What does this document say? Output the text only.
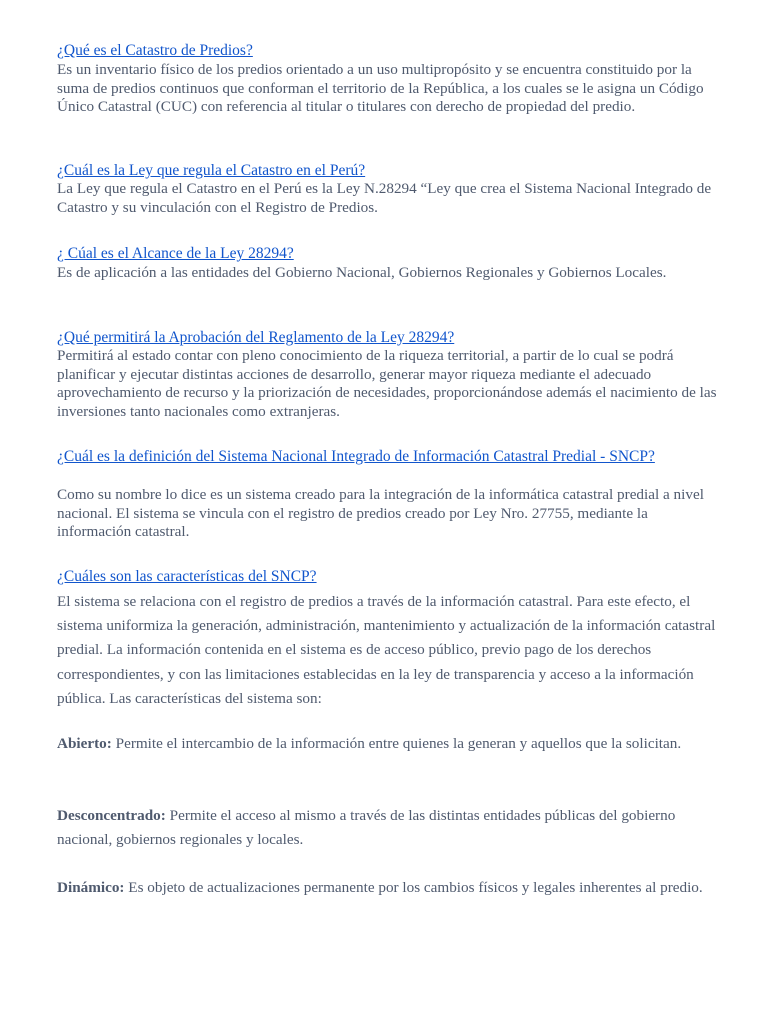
¿Qué es el Catastro de Predios?

Es un inventario físico de los predios orientado a un uso multipropósito y se encuentra constituido por la suma de predios continuos que conforman el territorio de la República, a los cuales se le asigna un Código Único Catastral (CUC) con referencia al titular o titulares con derecho de propiedad del predio.

¿Cuál es la Ley que regula el Catastro en el Perú?

La Ley que regula el Catastro en el Perú es la Ley N.28294 “Ley que crea el Sistema Nacional Integrado de Catastro y su vinculación con el Registro de Predios.

¿ Cúal es el Alcance de la Ley 28294?

Es de aplicación a las entidades del Gobierno Nacional, Gobiernos Regionales y Gobiernos Locales.

¿Qué permitirá la Aprobación del Reglamento de la Ley 28294?

Permitirá al estado contar con pleno conocimiento de la riqueza territorial, a partir de lo cual se podrá planificar y ejecutar distintas acciones de desarrollo, generar mayor riqueza mediante el adecuado aprovechamiento de recurso y la priorización de necesidades, proporcionándose además el nacimiento de las inversiones tanto nacionales como extranjeras.

¿Cuál es la definición del Sistema Nacional Integrado de Información Catastral Predial - SNCP?

Como su nombre lo dice es un sistema creado para la integración de la informática catastral predial a nivel nacional. El sistema se vincula con el registro de predios creado por Ley Nro. 27755, mediante la información catastral.

¿Cuáles son las características del SNCP?

El sistema se relaciona con el registro de predios a través de la información catastral. Para este efecto, el sistema uniformiza la generación, administración, mantenimiento y actualización de la información catastral predial. La información contenida en el sistema es de acceso público, previo pago de los derechos correspondientes, y con las limitaciones establecidas en la ley de transparencia y acceso a la información pública. Las características del sistema son:

Abierto: Permite el intercambio de la información entre quienes la generan y aquellos que la solicitan.

Desconcentrado: Permite el acceso al mismo a través de las distintas entidades públicas del gobierno nacional, gobiernos regionales y locales.

Dinámico: Es objeto de actualizaciones permanente por los cambios físicos y legales inherentes al predio.
